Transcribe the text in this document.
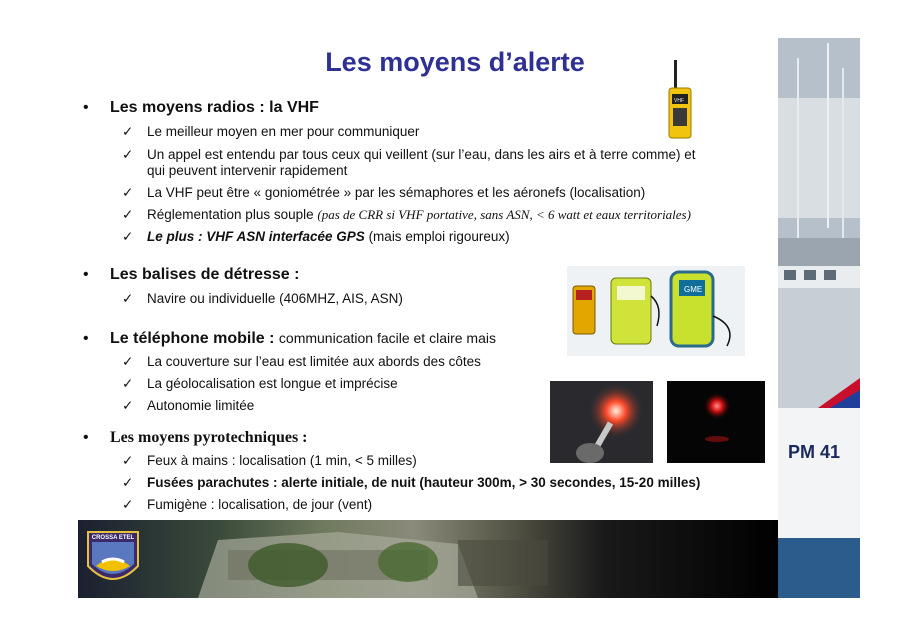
Les moyens d’alerte
PM 41
• Les moyens radios : la VHF
✓ Le meilleur moyen en mer pour communiquer
✓ Un appel est entendu par tous ceux qui veillent (sur l’eau, dans les airs et à terre comme) et
qui peuvent intervenir rapidement
✓ La VHF peut être « goniométrée » par les sémaphores et les aéronefs (localisation)
✓ Réglementation plus souple (pas de CRR si VHF portative, sans ASN, < 6 watt et eaux territoriales)
✓ Le plus : VHF ASN interfacée GPS (mais emploi rigoureux)
• Les balises de détresse :
✓ Navire ou individuelle (406MHZ, AIS, ASN)
• Le téléphone mobile : communication facile et claire mais
✓ La couverture sur l’eau est limitée aux abords des côtes
✓ La géolocalisation est longue et imprécise
✓ Autonomie limitée
• Les moyens pyrotechniques :
✓ Feux à mains : localisation (1 min, < 5 milles)
✓ Fusées parachutes : alerte initiale, de nuit (hauteur 300m, > 30 secondes, 15-20 milles)
✓ Fumigène : localisation, de jour (vent)
VHF
GME
CROSSA ETEL
